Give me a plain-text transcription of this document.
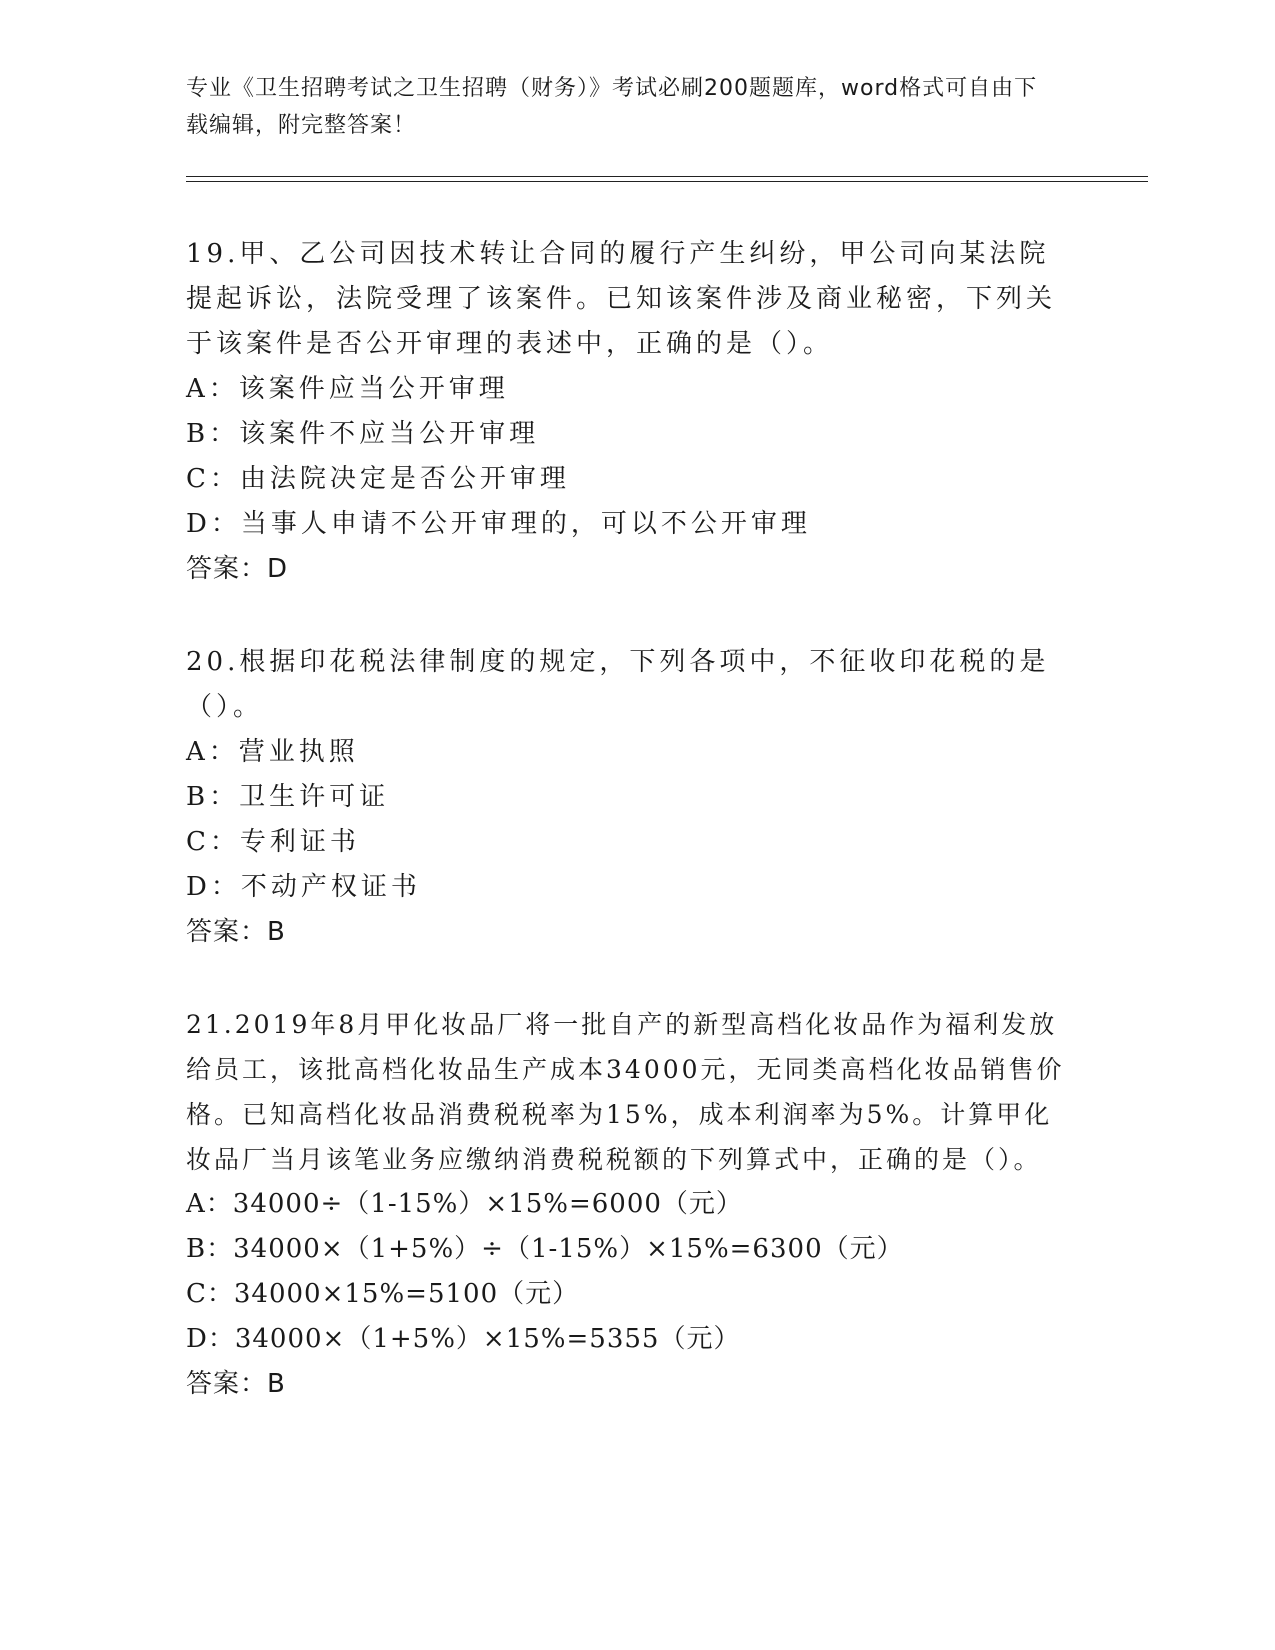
专业《卫生招聘考试之卫生招聘（财务）》考试必刷200题题库，word格式可自由下载编辑，附完整答案！

19.甲、乙公司因技术转让合同的履行产生纠纷，甲公司向某法院提起诉讼，法院受理了该案件。已知该案件涉及商业秘密，下列关于该案件是否公开审理的表述中，正确的是（）。

A：该案件应当公开审理

B：该案件不应当公开审理

C：由法院决定是否公开审理

D：当事人申请不公开审理的，可以不公开审理

答案：D

20.根据印花税法律制度的规定，下列各项中，不征收印花税的是（）。

A：营业执照

B：卫生许可证

C：专利证书

D：不动产权证书

答案：B

21.2019年8月甲化妆品厂将一批自产的新型高档化妆品作为福利发放给员工，该批高档化妆品生产成本34000元，无同类高档化妆品销售价格。已知高档化妆品消费税税率为15%，成本利润率为5%。计算甲化妆品厂当月该笔业务应缴纳消费税税额的下列算式中，正确的是（）。

A：34000÷（1-15%）×15%=6000（元）

B：34000×（1+5%）÷（1-15%）×15%=6300（元）

C：34000×15%=5100（元）

D：34000×（1+5%）×15%=5355（元）

答案：B
